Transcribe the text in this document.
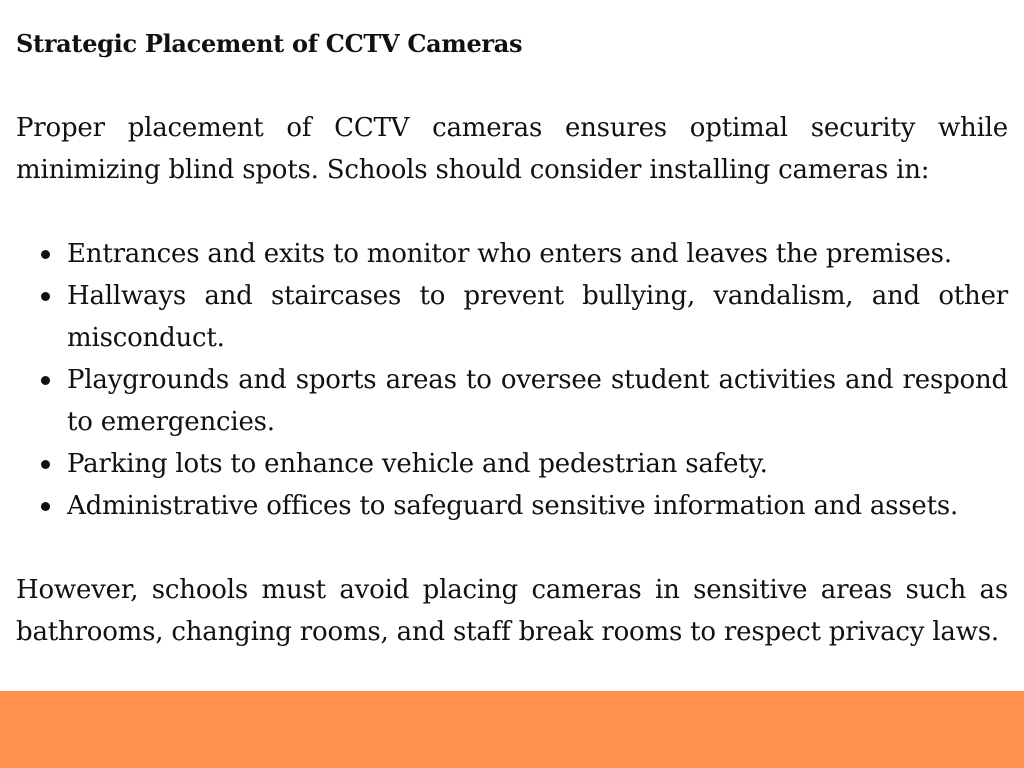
Strategic Placement of CCTV Cameras

Proper placement of CCTV cameras ensures optimal security while minimizing blind spots. Schools should consider installing cameras in:

Entrances and exits to monitor who enters and leaves the premises.
Hallways and staircases to prevent bullying, vandalism, and other misconduct.
Playgrounds and sports areas to oversee student activities and respond to emergencies.
Parking lots to enhance vehicle and pedestrian safety.
Administrative offices to safeguard sensitive information and assets.

However, schools must avoid placing cameras in sensitive areas such as bathrooms, changing rooms, and staff break rooms to respect privacy laws.
